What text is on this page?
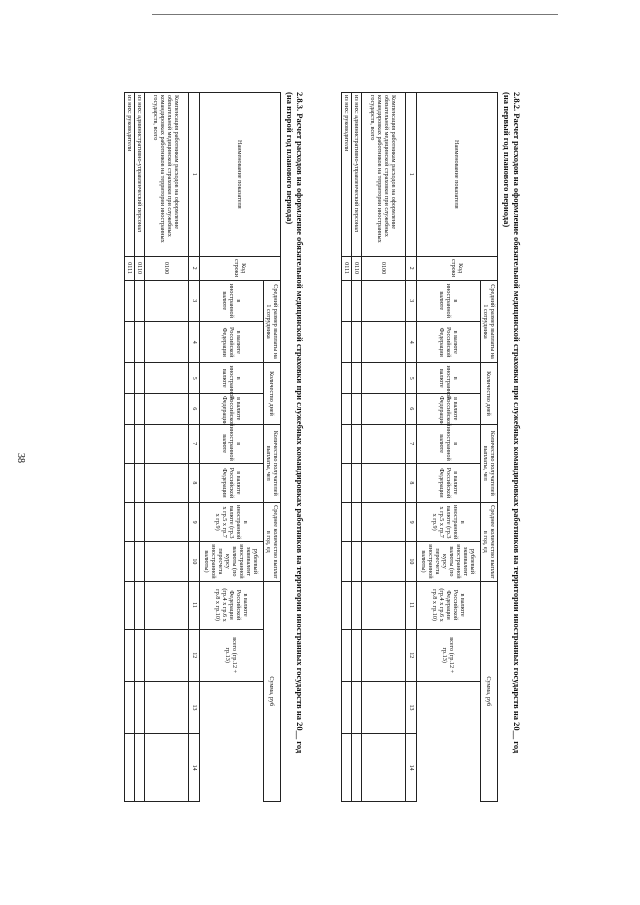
38	2.8.2. Расчет расходов на оформление обязательной медицинской страховки при служебных командировках работников на территории иностранных государств на 20__ год
(на первый год планового периода)
Наименование показателя	Код строки	Средний размер выплаты на 1 сотрудника		Количество дней		Количество получателей выплаты, чел		Среднее количество выплат в год, ед		Сумма, руб			
		в иностранной валюте	в валюте Российской Федерации	в иностранной валюте	в валюте Российской Федерации	в иностранной валюте	в валюте Российской Федерации	в иностранной валюте (гр.3 x гр.5 x гр.7 x гр.9)	рублевый эквивалент иностранной валюты (по курсу пересчета иностранной валюты)	в валюте Российской Федерации (гр.4 x гр.6 x гр.8 x гр.10)	всего (гр.12 + гр.13)		
1	2	3	4	5	6	7	8	9	10	11	12	13	14
Компенсация работникам расходов на оформление обязательной медицинской страховки при служебных командировках работников на территории иностранных государств, всего	0100												
из них: административно-управленческий персонал	0110												
из них: руководители	0111												
2.8.3. Расчет расходов на оформление обязательной медицинской страховки при служебных командировках работников на территории иностранных государств на 20__ год
(на второй год планового периода)
Наименование показателя	Код строки	Средний размер выплаты на 1 сотрудника		Количество дней		Количество получателей выплаты, чел		Среднее количество выплат в год, ед		Сумма, руб			
		в иностранной валюте	в валюте Российской Федерации	в иностранной валюте	в валюте Российской Федерации	в иностранной валюте	в валюте Российской Федерации	в иностранной валюте (гр.3 x гр.5 x гр.7 x гр.9)	рублевый эквивалент иностранной валюты (по курсу пересчета иностранной валюты)	в валюте Российской Федерации (гр.4 x гр.6 x гр.8 x гр.10)	всего (гр.12 + гр.13)		
1	2	3	4	5	6	7	8	9	10	11	12	13	14
Компенсация работникам расходов на оформление обязательной медицинской страховки при служебных командировках работников на территории иностранных государств, всего	0100												
из них: административно-управленческий персонал	0110												
из них: руководители	0111												
